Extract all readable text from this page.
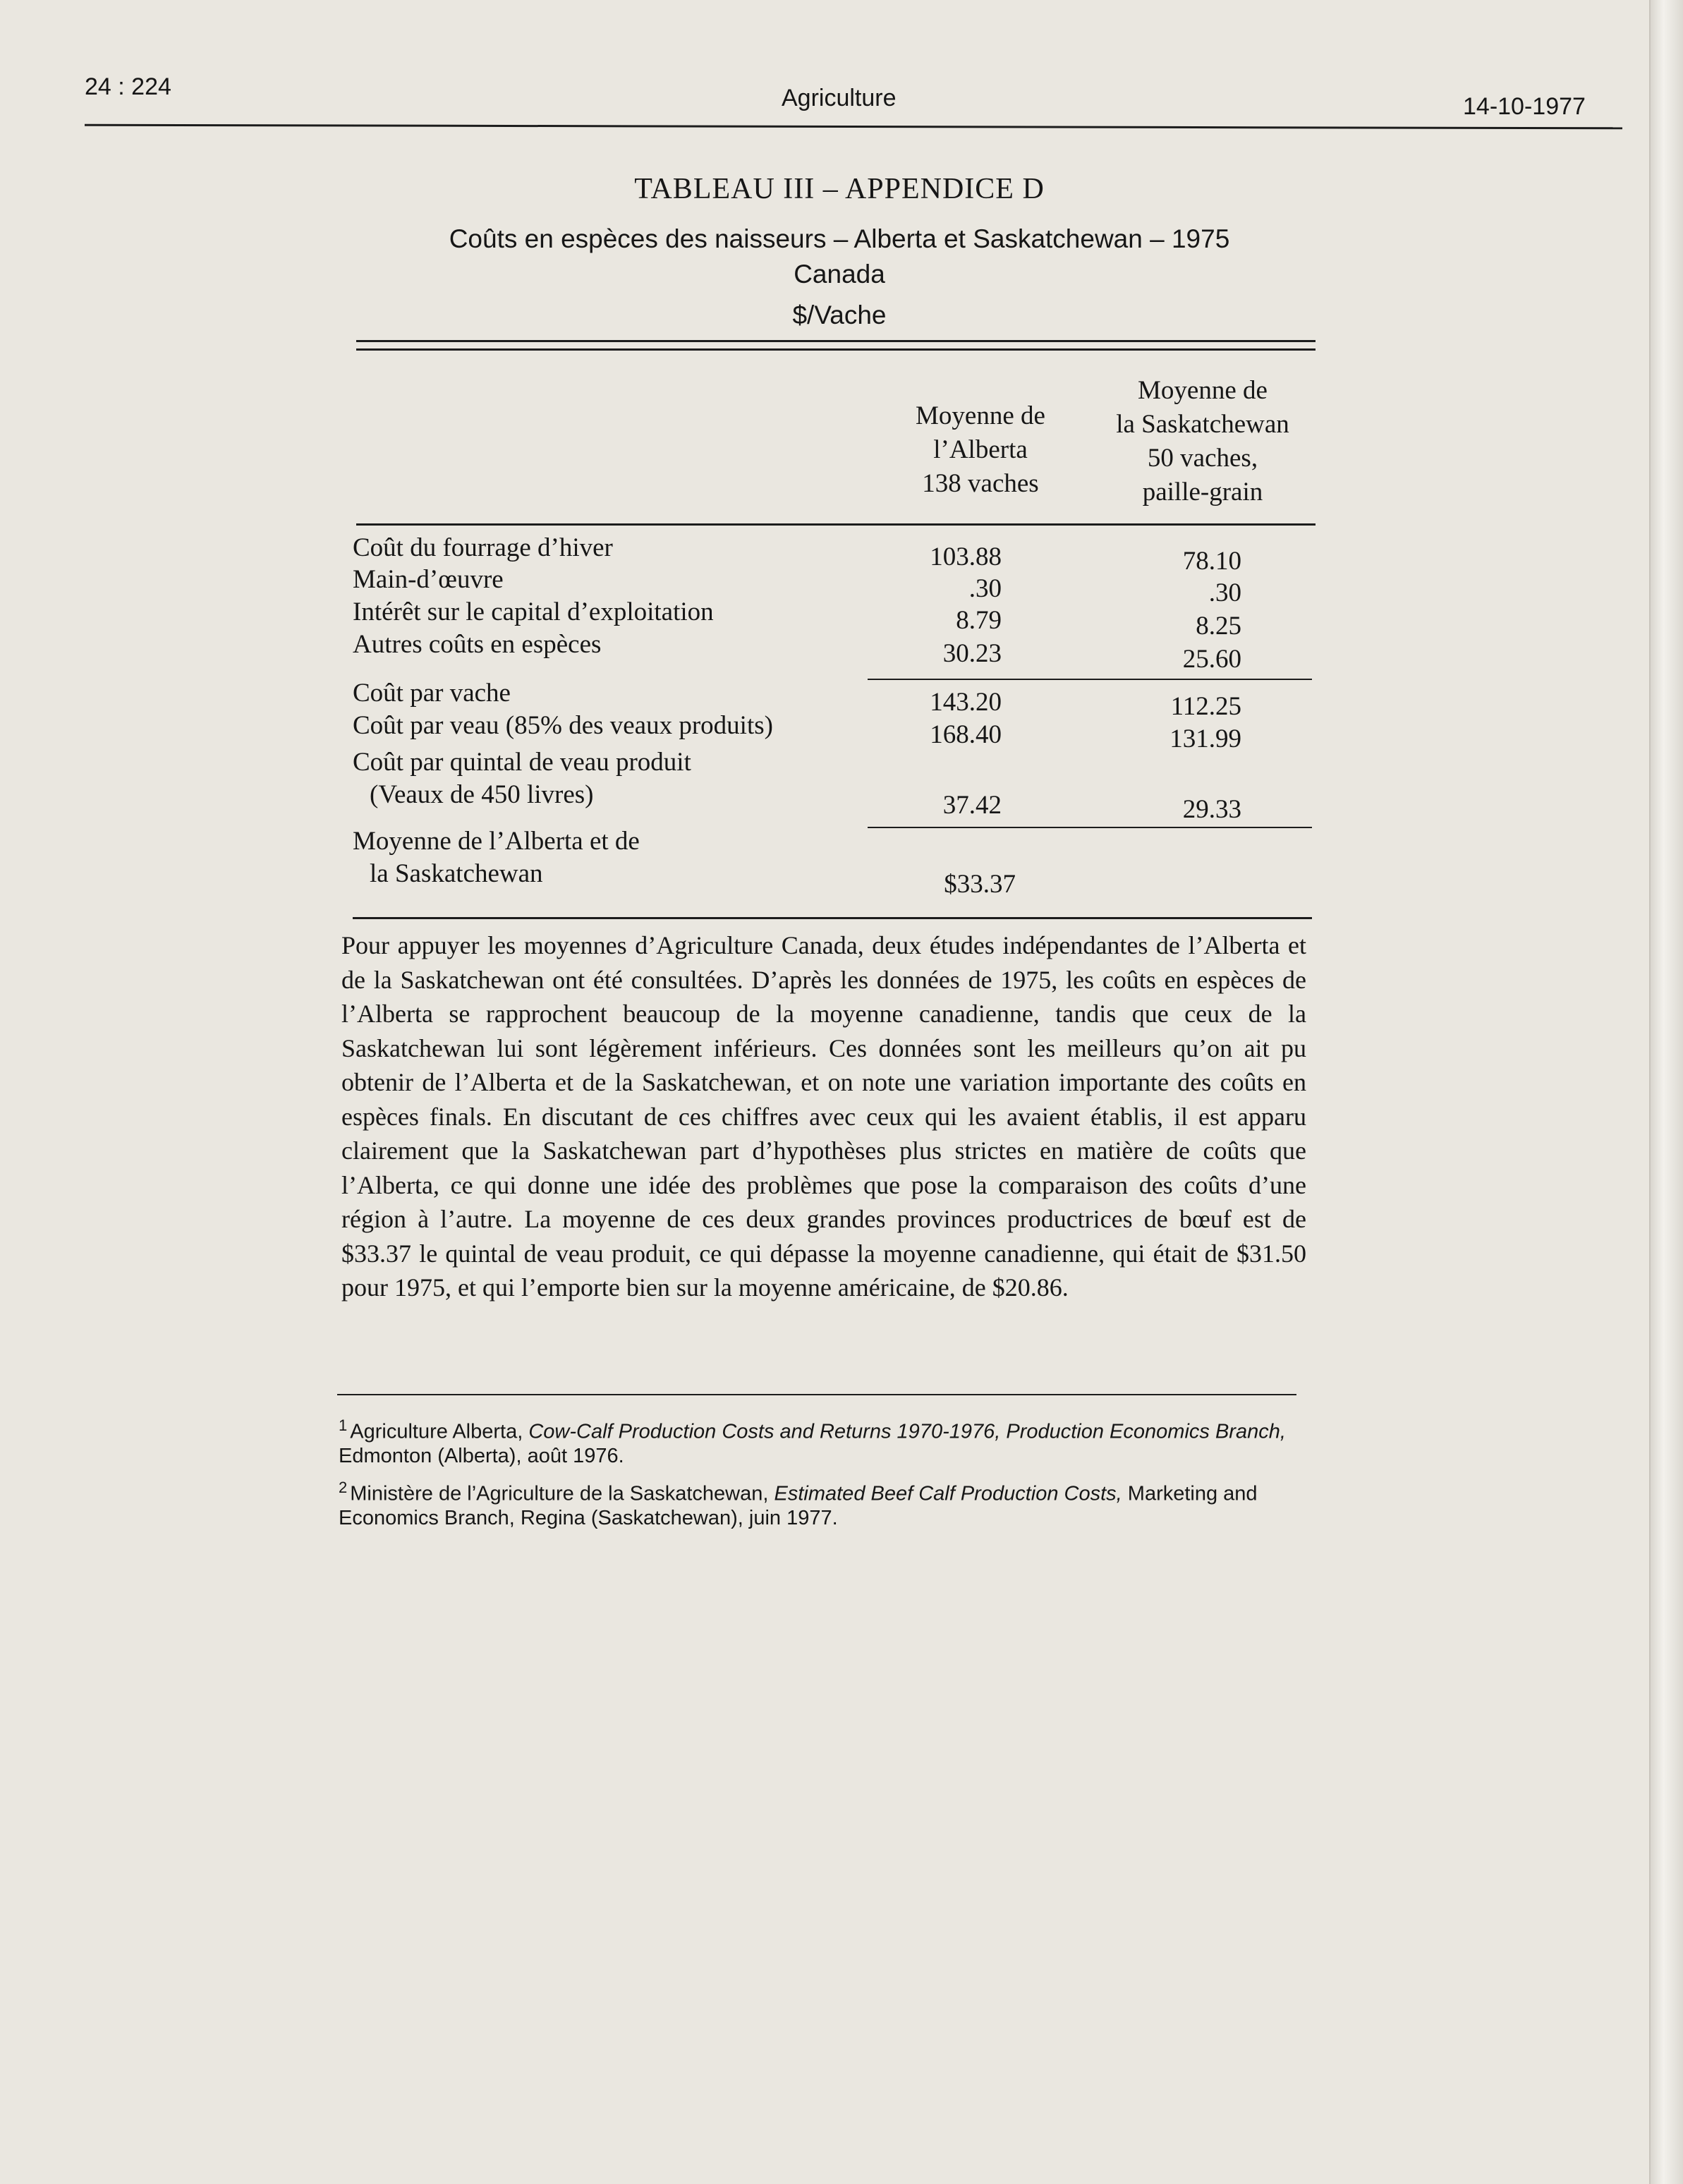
24 : 224	Agriculture	14-10-1977
TABLEAU III – APPENDICE D
Coûts en espèces des naisseurs – Alberta et Saskatchewan – 1975
Canada
$/Vache
Moyenne de
l’Alberta
138 vaches
Moyenne de
la Saskatchewan
50 vaches,
paille-grain
Coût du fourrage d’hiver	103.88	78.10
Main-d’œuvre	.30	.30
Intérêt sur le capital d’exploitation	8.79	8.25
Autres coûts en espèces	30.23	25.60
Coût par vache	143.20	112.25
Coût par veau (85% des veaux produits)	168.40	131.99
Coût par quintal de veau produit
(Veaux de 450 livres)	37.42	29.33
Moyenne de l’Alberta et de
la Saskatchewan	$33.37
Pour appuyer les moyennes d’Agriculture Canada, deux études indépendantes de l’Alberta et de la Saskatchewan ont été consultées. D’après les données de 1975, les coûts en espèces de l’Alberta se rapprochent beaucoup de la moyenne canadienne, tandis que ceux de la Saskatchewan lui sont légèrement inférieurs. Ces données sont les meilleurs qu’on ait pu obtenir de l’Alberta et de la Saskatchewan, et on note une variation importante des coûts en espèces finals. En discutant de ces chiffres avec ceux qui les avaient établis, il est apparu clairement que la Saskatchewan part d’hypothèses plus strictes en matière de coûts que l’Alberta, ce qui donne une idée des problèmes que pose la comparaison des coûts d’une région à l’autre. La moyenne de ces deux grandes provinces productrices de bœuf est de $33.37 le quintal de veau produit, ce qui dépasse la moyenne canadienne, qui était de $31.50 pour 1975, et qui l’emporte bien sur la moyenne américaine, de $20.86.
$^1$ Agriculture Alberta, Cow-Calf Production Costs and Returns 1970-1976, Production Economics Branch, Edmonton (Alberta), août 1976.
$^2$ Ministère de l’Agriculture de la Saskatchewan, Estimated Beef Calf Production Costs, Marketing and Economics Branch, Regina (Saskatchewan), juin 1977.
